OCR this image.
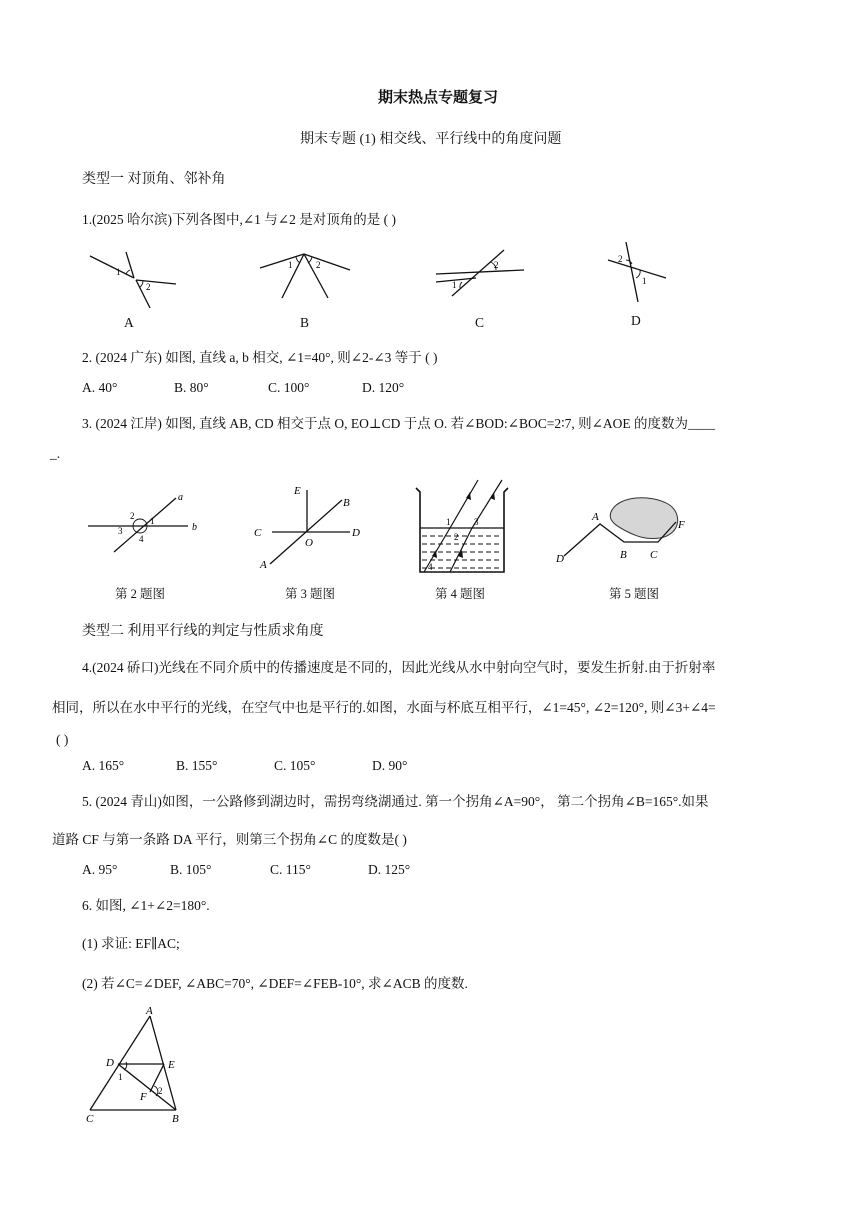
期末热点专题复习
期末专题 (1) 相交线、平行线中的角度问题
类型一 对顶角、邻补角
1.(2025 哈尔滨)下列各图中,∠1 与∠2 是对顶角的是 ( )
1
2
A
1	2
B
1
2
C
2
1
D
2. (2024 广东) 如图, 直线 a, b 相交, ∠1=40°, 则∠2-∠3 等于 ( )
A. 40°	B. 80°	C. 100°	D. 120°
3. (2024 江岸) 如图, 直线 AB, CD 相交于点 O, EO⊥CD 于点 O. 若∠BOD:∠BOC=2∶7, 则∠AOE 的度数为____
_.
a
b
1
2
3
4
第 2 题图
E
B
C
O
D
A
第 3 题图
1
2
3
4
第 4 题图
A
B C
D
F
第 5 题图
类型二 利用平行线的判定与性质求角度
4.(2024 硚口)光线在不同介质中的传播速度是不同的，因此光线从水中射向空气时，要发生折射.由于折射率
相同，所以在水中平行的光线，在空气中也是平行的.如图，水面与杯底互相平行，∠1=45°, ∠2=120°, 则∠3+∠4=
( )
A. 165°	B. 155°	C. 105°	D. 90°
5. (2024 青山)如图，一公路修到湖边时，需拐弯绕湖通过. 第一个拐角∠A=90°， 第二个拐角∠B=165°.如果
道路 CF 与第一条路 DA 平行，则第三个拐角∠C 的度数是( )
A. 95°	B. 105°	C. 115°	D. 125°
6. 如图, ∠1+∠2=180°.
(1) 求证: EF∥AC;
(2) 若∠C=∠DEF, ∠ABC=70°, ∠DEF=∠FEB-10°, 求∠ACB 的度数.
A
D	E
1
2
F
C	B
